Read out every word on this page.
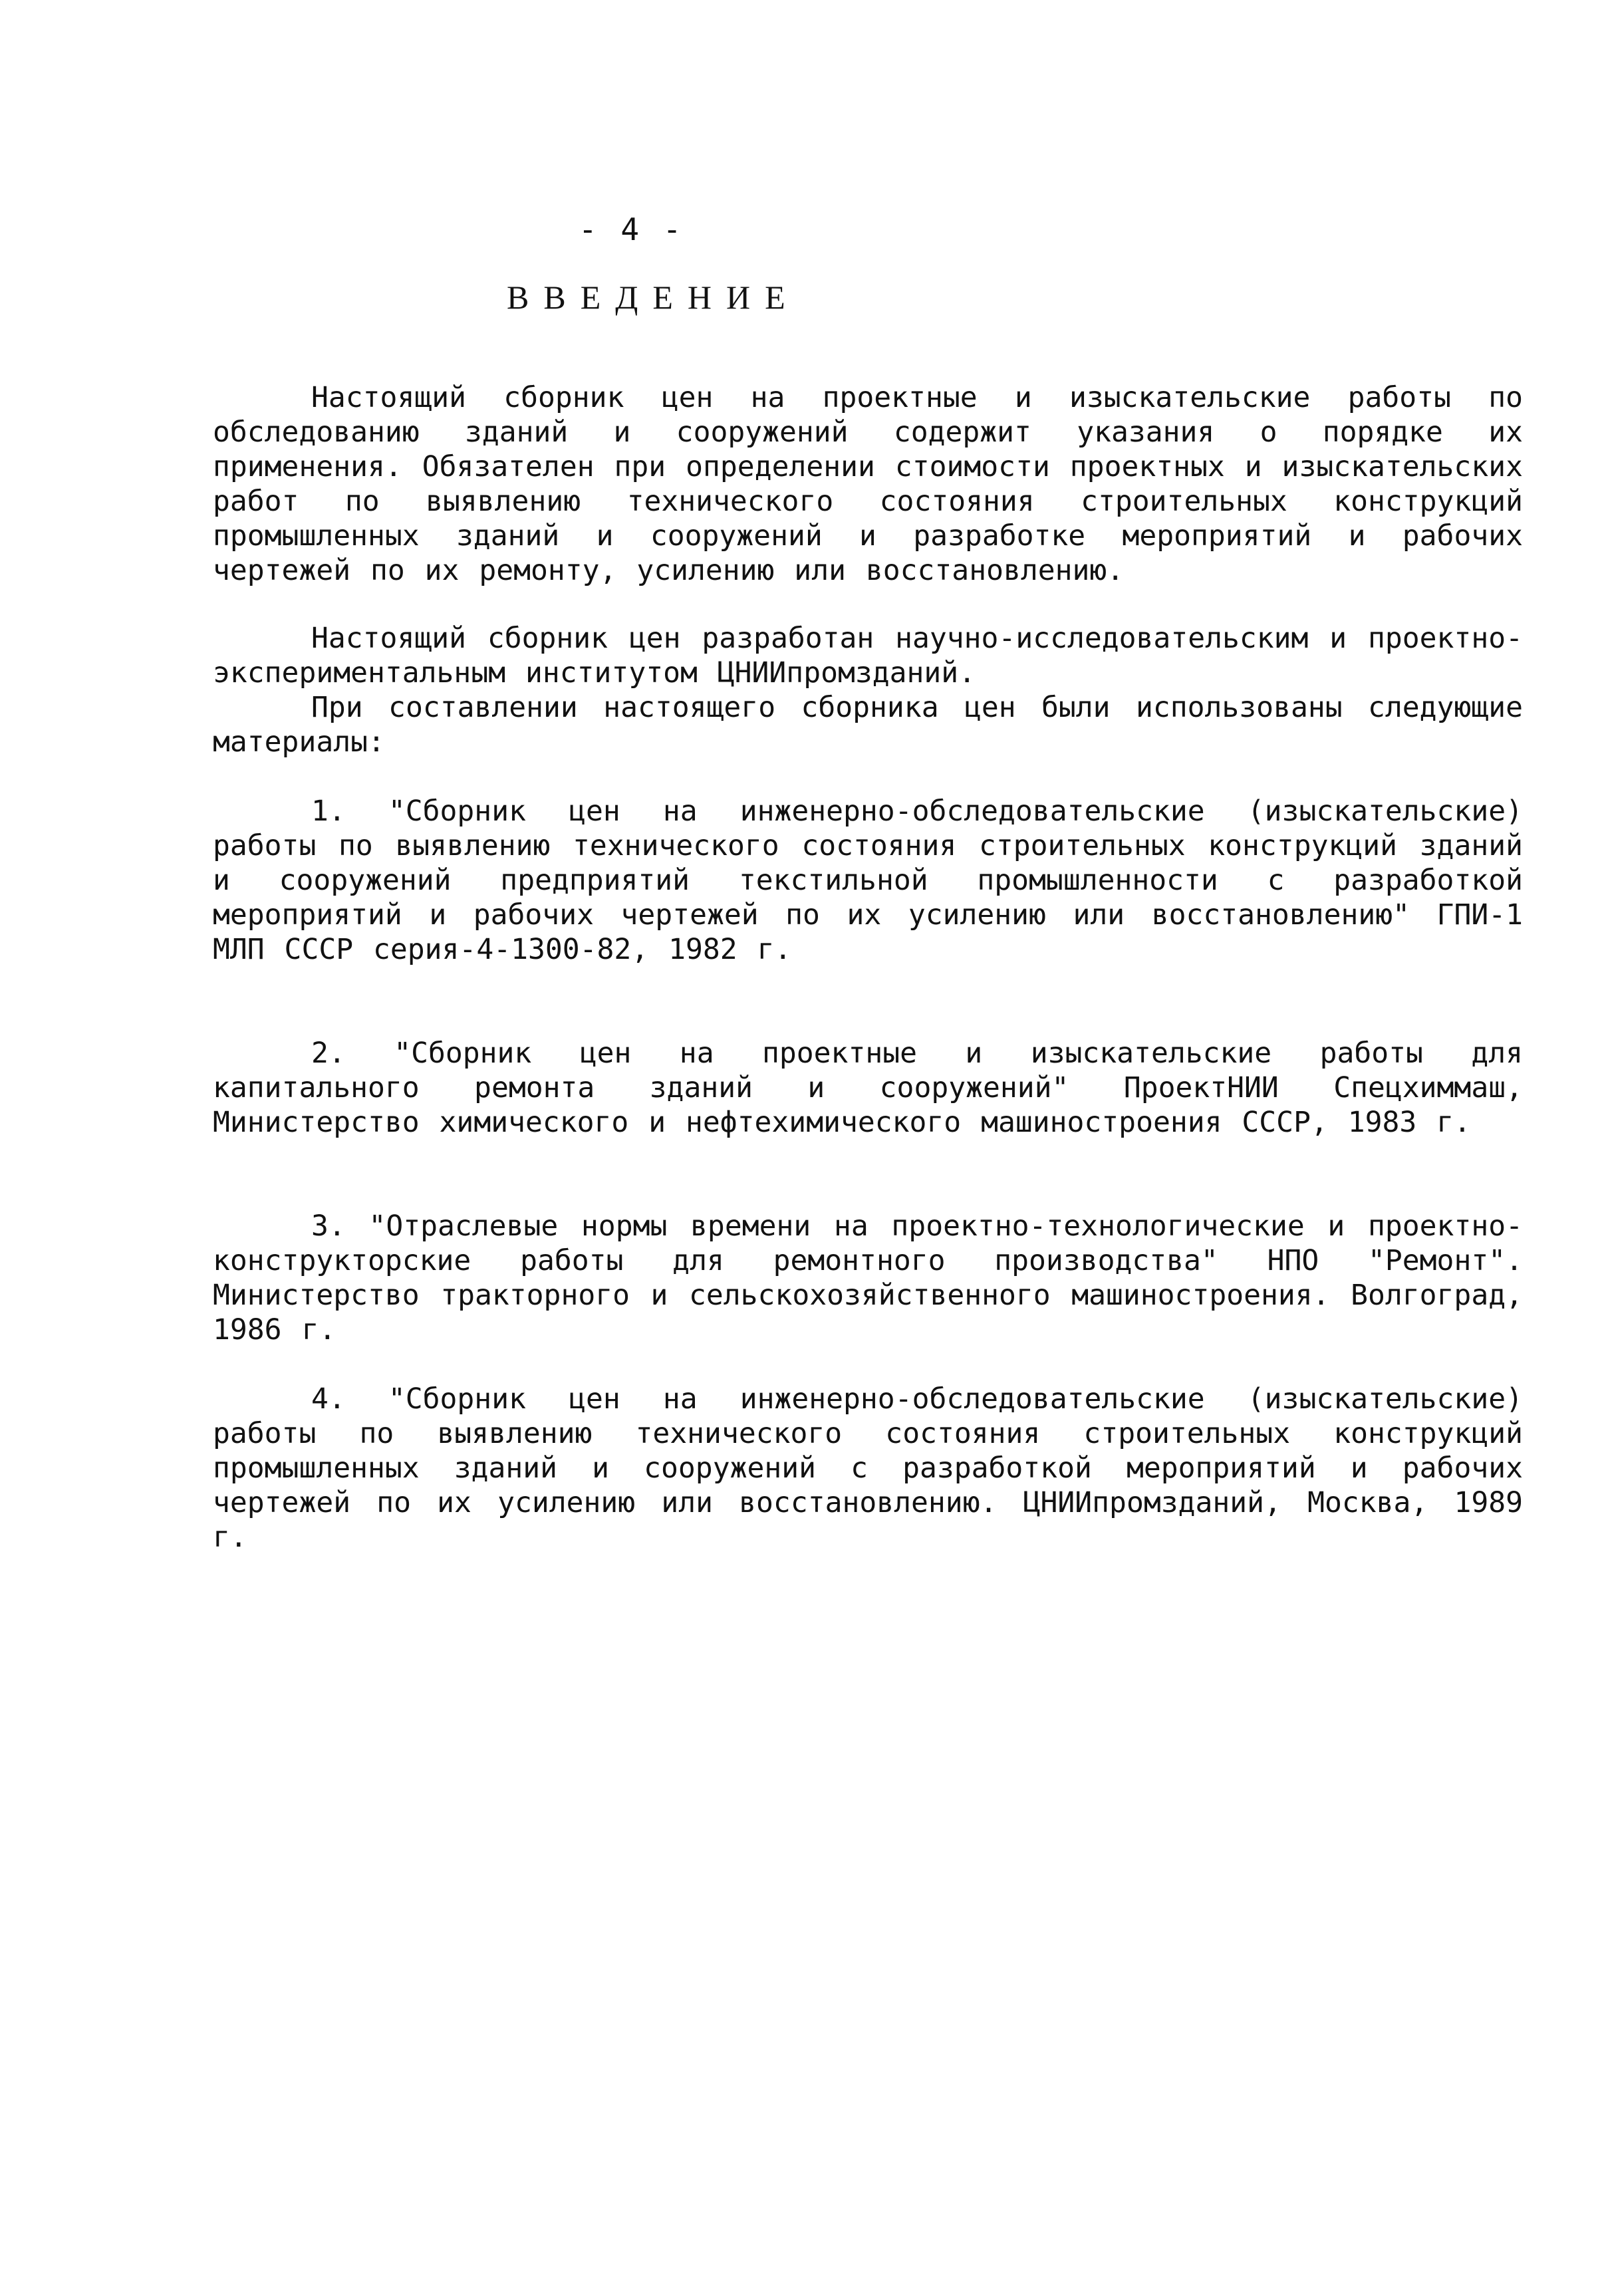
- 4 -
ВВЕДЕНИЕ
Настоящий сборник цен на проектные и изыскательские работы по обследованию зданий и сооружений содержит указания о порядке их применения. Обязателен при определении стоимости проектных и изыскательских работ по выявлению технического состояния строительных конструкций промышленных зданий и сооружений и разработке мероприятий и рабочих чертежей по их ремонту, усилению или восстановлению.
Настоящий сборник цен разработан научно-исследовательским и проектно-экспериментальным институтом ЦНИИпромзданий.
При составлении настоящего сборника цен были использованы следующие материалы:
1. "Сборник цен на инженерно-обследовательские (изыскательские) работы по выявлению технического состояния строительных конструкций зданий и сооружений предприятий текстильной промышленности с разработкой мероприятий и рабочих чертежей по их усилению или восстановлению" ГПИ-1 МЛП СССР серия-4-1300-82, 1982 г.
2. "Сборник цен на проектные и изыскательские работы для капитального ремонта зданий и сооружений" ПроектНИИ Спецхиммаш, Министерство химического и нефтехимического машиностроения СССР, 1983 г.
3. "Отраслевые нормы времени на проектно-технологические и проектно-конструкторские работы для ремонтного производства" НПО "Ремонт". Министерство тракторного и сельскохозяйственного машиностроения. Волгоград, 1986 г.
4. "Сборник цен на инженерно-обследовательские (изыскательские) работы по выявлению технического состояния строительных конструкций промышленных зданий и сооружений с разработкой мероприятий и рабочих чертежей по их усилению или восстановлению. ЦНИИпромзданий, Москва, 1989 г.
